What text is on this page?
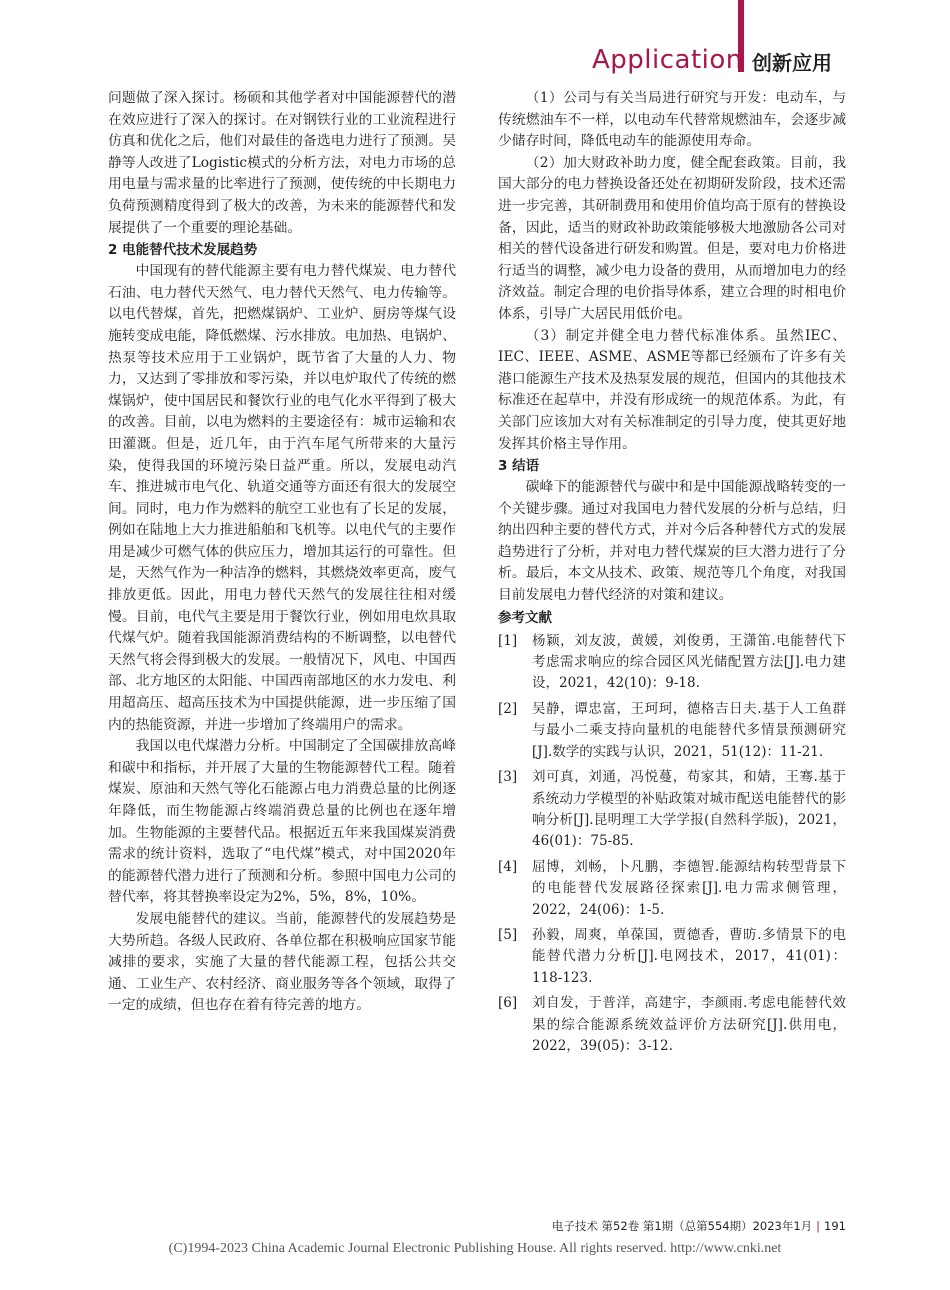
Application 创新应用

问题做了深入探讨。杨硕和其他学者对中国能源替代的潜在效应进行了深入的探讨。在对钢铁行业的工业流程进行仿真和优化之后，他们对最佳的备选电力进行了预测。吴静等人改进了Logistic模式的分析方法，对电力市场的总用电量与需求量的比率进行了预测，使传统的中长期电力负荷预测精度得到了极大的改善，为未来的能源替代和发展提供了一个重要的理论基础。

2 电能替代技术发展趋势

中国现有的替代能源主要有电力替代煤炭、电力替代石油、电力替代天然气、电力替代天然气、电力传输等。以电代替煤，首先，把燃煤锅炉、工业炉、厨房等煤气设施转变成电能，降低燃煤、污水排放。电加热、电锅炉、热泵等技术应用于工业锅炉，既节省了大量的人力、物力，又达到了零排放和零污染，并以电炉取代了传统的燃煤锅炉，使中国居民和餐饮行业的电气化水平得到了极大的改善。目前，以电为燃料的主要途径有：城市运输和农田灌溉。但是，近几年，由于汽车尾气所带来的大量污染，使得我国的环境污染日益严重。所以，发展电动汽车、推进城市电气化、轨道交通等方面还有很大的发展空间。同时，电力作为燃料的航空工业也有了长足的发展，例如在陆地上大力推进船舶和飞机等。以电代气的主要作用是减少可燃气体的供应压力，增加其运行的可靠性。但是，天然气作为一种洁净的燃料，其燃烧效率更高，废气排放更低。因此，用电力替代天然气的发展往往相对缓慢。目前，电代气主要是用于餐饮行业，例如用电炊具取代煤气炉。随着我国能源消费结构的不断调整，以电替代天然气将会得到极大的发展。一般情况下，风电、中国西部、北方地区的太阳能、中国西南部地区的水力发电、利用超高压、超高压技术为中国提供能源，进一步压缩了国内的热能资源，并进一步增加了终端用户的需求。

我国以电代煤潜力分析。中国制定了全国碳排放高峰和碳中和指标，并开展了大量的生物能源替代工程。随着煤炭、原油和天然气等化石能源占电力消费总量的比例逐年降低，而生物能源占终端消费总量的比例也在逐年增加。生物能源的主要替代品。根据近五年来我国煤炭消费需求的统计资料，选取了“电代煤”模式，对中国2020年的能源替代潜力进行了预测和分析。参照中国电力公司的替代率，将其替换率设定为2%，5%，8%，10%。

发展电能替代的建议。当前，能源替代的发展趋势是大势所趋。各级人民政府、各单位都在积极响应国家节能减排的要求，实施了大量的替代能源工程，包括公共交通、工业生产、农村经济、商业服务等各个领域，取得了一定的成绩，但也存在着有待完善的地方。

（1）公司与有关当局进行研究与开发：电动车，与传统燃油车不一样，以电动车代替常规燃油车，会逐步减少储存时间，降低电动车的能源使用寿命。

（2）加大财政补助力度，健全配套政策。目前，我国大部分的电力替换设备还处在初期研发阶段，技术还需进一步完善，其研制费用和使用价值均高于原有的替换设备，因此，适当的财政补助政策能够极大地激励各公司对相关的替代设备进行研发和购置。但是，要对电力价格进行适当的调整，减少电力设备的费用，从而增加电力的经济效益。制定合理的电价指导体系，建立合理的时相电价体系，引导广大居民用低价电。

（3）制定并健全电力替代标准体系。虽然IEC、IEC、IEEE、ASME、ASME等都已经颁布了许多有关港口能源生产技术及热泵发展的规范，但国内的其他技术标准还在起草中，并没有形成统一的规范体系。为此，有关部门应该加大对有关标准制定的引导力度，使其更好地发挥其价格主导作用。

3 结语

碳峰下的能源替代与碳中和是中国能源战略转变的一个关键步骤。通过对我国电力替代发展的分析与总结，归纳出四种主要的替代方式，并对今后各种替代方式的发展趋势进行了分析，并对电力替代煤炭的巨大潜力进行了分析。最后，本文从技术、政策、规范等几个角度，对我国目前发展电力替代经济的对策和建议。

参考文献
[1]	杨颖，刘友波，黄媛，刘俊勇，王潇笛.电能替代下考虑需求响应的综合园区风光储配置方法[J].电力建设，2021，42(10)：9-18.
[2]	吴静，谭忠富，王珂珂，德格吉日夫.基于人工鱼群与最小二乘支持向量机的电能替代多情景预测研究[J].数学的实践与认识，2021，51(12)：11-21.
[3]	刘可真，刘通，冯悦蔓，苟家其，和婧，王骞.基于系统动力学模型的补贴政策对城市配送电能替代的影响分析[J].昆明理工大学学报(自然科学版)，2021，46(01)：75-85.
[4]	屈博，刘畅，卜凡鹏，李德智.能源结构转型背景下的电能替代发展路径探索[J].电力需求侧管理，2022，24(06)：1-5.
[5]	孙毅，周爽，单葆国，贾德香，曹昉.多情景下的电能替代潜力分析[J].电网技术，2017，41(01)：118-123.
[6]	刘自发，于普洋，高建宇，李颜雨.考虑电能替代效果的综合能源系统效益评价方法研究[J].供用电，2022，39(05)：3-12.
电子技术 第52卷 第1期（总第554期）2023年1月 | 191
(C)1994-2023 China Academic Journal Electronic Publishing House. All rights reserved. http://www.cnki.net
